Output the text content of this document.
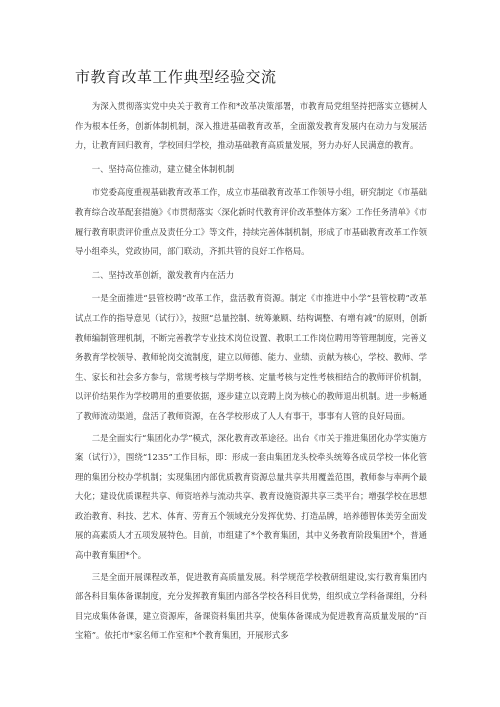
市教育改革工作典型经验交流

为深入贯彻落实党中央关于教育工作和*改革决策部署，市教育局党组坚持把落实立德树人作为根本任务，创新体制机制，深入推进基础教育改革，全面激发教育发展内在动力与发展活力，让教育回归教育，学校回归学校，推动基础教育高质量发展，努力办好人民满意的教育。

一、坚持高位推动，建立健全体制机制

市党委高度重视基础教育改革工作，成立市基础教育改革工作领导小组，研究制定《市基础教育综合改革配套措施》《市贯彻落实〈深化新时代教育评价改革整体方案〉工作任务清单》《市履行教育职责评价重点及责任分工》等文件，持续完善体制机制，形成了市基础教育改革工作领导小组牵头，党政协同，部门联动，齐抓共管的良好工作格局。

二、坚持改革创新，激发教育内在活力

一是全面推进“县管校聘”改革工作，盘活教育资源。制定《市推进中小学“县管校聘”改革试点工作的指导意见（试行）》，按照“总量控制、统筹兼顾、结构调整、有增有减”的原则，创新教师编制管理机制，不断完善教学专业技术岗位设置、教职工工作岗位聘用等管理制度，完善义务教育学校领导、教师轮岗交流制度，建立以师德、能力、业绩、贡献为核心，学校、教师、学生、家长和社会多方参与，常规考核与学期考核、定量考核与定性考核相结合的教师评价机制，以评价结果作为学校聘用的重要依据，逐步建立以竞聘上岗为核心的教师退出机制。进一步畅通了教师流动渠道，盘活了教师资源，在各学校形成了人人有事干，事事有人管的良好局面。

二是全面实行“集团化办学”模式，深化教育改革途径。出台《市关于推进集团化办学实施方案（试行）》，围绕“1235”工作目标，即：形成一套由集团龙头校牵头统筹各成员学校一体化管理的集团分校办学机制；实现集团内部优质教育资源总量共享共用覆盖范围，教师参与率两个最大化；建设优质课程共享、师资培养与流动共享、教育设施资源共享三类平台；增强学校在思想政治教育、科技、艺术、体育、劳育五个领域充分发挥优势、打造品牌，培养德智体美劳全面发展的高素质人才五项发展特色。目前，市组建了*个教育集团，其中义务教育阶段集团*个，普通高中教育集团*个。

三是全面开展课程改革，促进教育高质量发展。科学规范学校教研组建设,实行教育集团内部各科目集体备课制度，充分发挥教育集团内部各学校各科目优势，组织成立学科备课组，分科目完成集体备课，建立资源库，备课资料集团共享，使集体备课成为促进教育高质量发展的“百宝箱”。依托市*家名师工作室和*个教育集团，开展形式多
